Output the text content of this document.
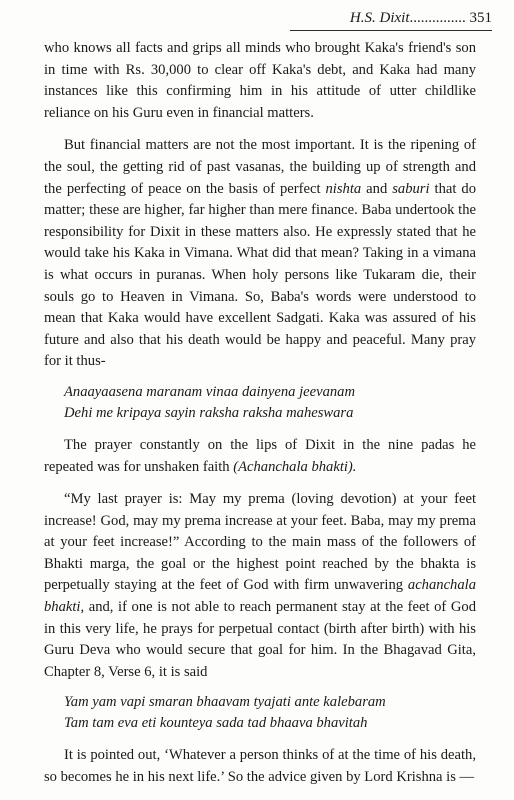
H.S. Dixit............... 351

who knows all facts and grips all minds who brought Kaka's friend's son in time with Rs. 30,000 to clear off Kaka's debt, and Kaka had many instances like this confirming him in his attitude of utter childlike reliance on his Guru even in financial matters.

But financial matters are not the most important. It is the ripening of the soul, the getting rid of past vasanas, the building up of strength and the perfecting of peace on the basis of perfect nishta and saburi that do matter; these are higher, far higher than mere finance. Baba undertook the responsibility for Dixit in these matters also. He expressly stated that he would take his Kaka in Vimana. What did that mean? Taking in a vimana is what occurs in puranas. When holy persons like Tukaram die, their souls go to Heaven in Vimana. So, Baba's words were understood to mean that Kaka would have excellent Sadgati. Kaka was assured of his future and also that his death would be happy and peaceful. Many pray for it thus-

Anaayaasena maranam vinaa dainyena jeevanam
Dehi me kripaya sayin raksha raksha maheswara

The prayer constantly on the lips of Dixit in the nine padas he repeated was for unshaken faith (Achanchala bhakti).

“My last prayer is: May my prema (loving devotion) at your feet increase! God, may my prema increase at your feet. Baba, may my prema at your feet increase!” According to the main mass of the followers of Bhakti marga, the goal or the highest point reached by the bhakta is perpetually staying at the feet of God with firm unwavering achanchala bhakti, and, if one is not able to reach permanent stay at the feet of God in this very life, he prays for perpetual contact (birth after birth) with his Guru Deva who would secure that goal for him. In the Bhagavad Gita, Chapter 8, Verse 6, it is said

Yam yam vapi smaran bhaavam tyajati ante kalebaram
Tam tam eva eti kounteya sada tad bhaava bhavitah

It is pointed out, ‘Whatever a person thinks of at the time of his death, so becomes he in his next life.’ So the advice given by Lord Krishna is —
